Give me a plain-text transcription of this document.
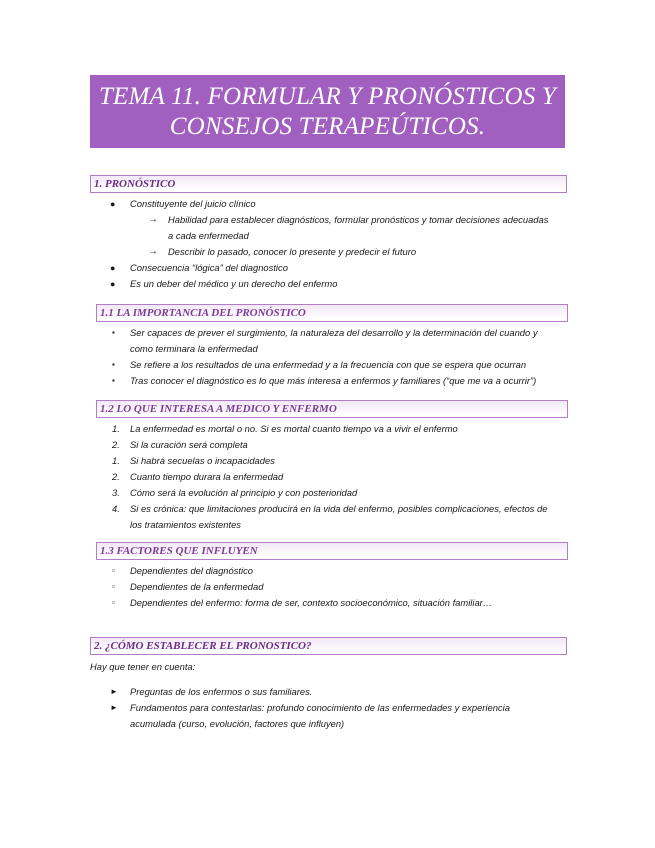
TEMA 11. FORMULAR Y PRONÓSTICOS Y
CONSEJOS TERAPEÚTICOS.
1. PRONÓSTICO
● Constituyente del juicio clínico
→ Habilidad para establecer diagnósticos, formular pronósticos y tomar decisiones adecuadas
a cada enfermedad
→ Describir lo pasado, conocer lo presente y predecir el futuro
● Consecuencia “lógica” del diagnostico
● Es un deber del médico y un derecho del enfermo
1.1 LA IMPORTANCIA DEL PRONÓSTICO
▪ Ser capaces de prever el surgimiento, la naturaleza del desarrollo y la determinación del cuando y
como terminara la enfermedad
▪ Se refiere a los resultados de una enfermedad y a la frecuencia con que se espera que ocurran
▪ Tras conocer el diagnóstico es lo que más interesa a enfermos y familiares (“que me va a ocurrir”)
1.2 LO QUE INTERESA A MEDICO Y ENFERMO
1. La enfermedad es mortal o no. Si es mortal cuanto tiempo va a vivir el enfermo
2. Si la curación será completa
1. Si habrá secuelas o incapacidades
2. Cuanto tiempo durara la enfermedad
3. Cómo será la evolución al principio y con posterioridad
4. Si es crónica: que limitaciones producirá en la vida del enfermo, posibles complicaciones, efectos de
los tratamientos existentes
1.3 FACTORES QUE INFLUYEN
▫ Dependientes del diagnóstico
▫ Dependientes de la enfermedad
▫ Dependientes del enfermo: forma de ser, contexto socioeconómico, situación familiar…
2. ¿CÓMO ESTABLECER EL PRONOSTICO?
Hay que tener en cuenta:
► Preguntas de los enfermos o sus familiares.
► Fundamentos para contestarlas: profundo conocimiento de las enfermedades y experiencia
acumulada (curso, evolución, factores que influyen)
